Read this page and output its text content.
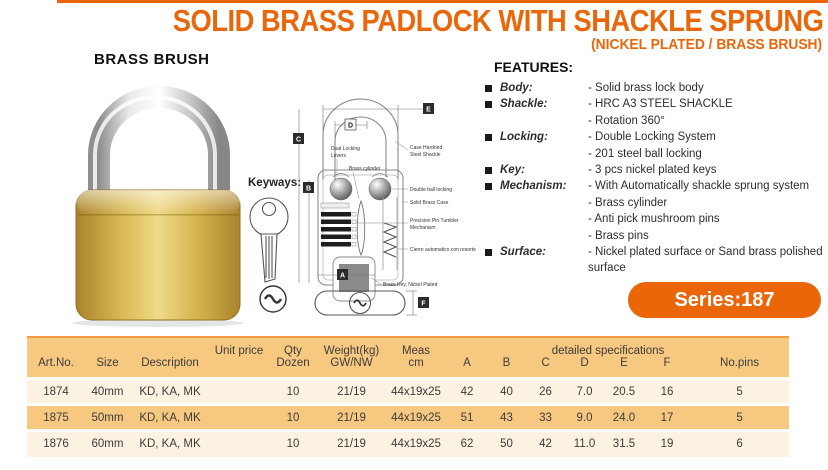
SOLID BRASS PADLOCK WITH SHACKLE SPRUNG
(NICKEL PLATED / BRASS BRUSH)
BRASS BRUSH
Keyways:
E
D
C
B
A
F
Dual Locking
Levers
Brass cylinder
Case Hardned
Steel Shackle
Double ball locking
Solid Brass Case
Precision Pin Tumbler
Mechanism
Cierre automatico con resorte
Brass Key, Nickel Plated
FEATURES:
Body:	- Solid brass lock body
Shackle:	- HRC A3 STEEL SHACKLE
- Rotation 360°
Locking:	- Double Locking System
- 201 steel ball locking
Key:	- 3 pcs nickel plated keys
Mechanism:	- With Automatically shackle sprung system
- Brass cylinder
- Anti pick mushroom pins
- Brass pins
Surface:	- Nickel plated surface or Sand brass polished surface
Series:187
			Unit price	Qty	Weight(kg)	Meas			detailed specifications				
Art.No.	Size	Description		Dozen	GW/NW	cm	A	B	C	D	E	F	No.pins
1874	40mm	KD, KA, MK		10	21/19	44x19x25	42	40	26	7.0	20.5	16	5
1875	50mm	KD, KA, MK		10	21/19	44x19x25	51	43	33	9.0	24.0	17	5
1876	60mm	KD, KA, MK		10	21/19	44x19x25	62	50	42	11.0	31.5	19	6
